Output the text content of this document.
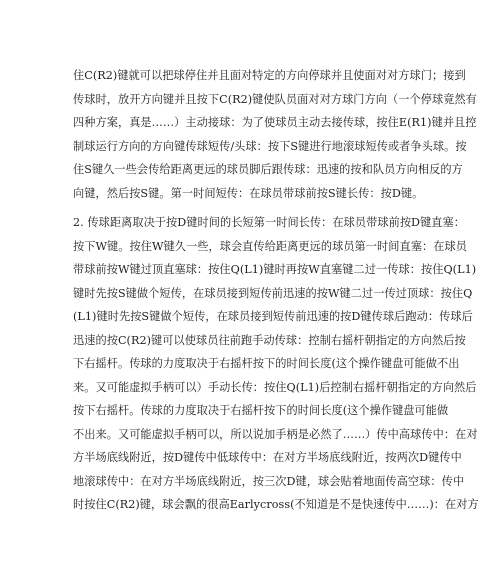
住C(R2)键就可以把球停住并且面对特定的方向停球并且使面对对方球门；接到
传球时，放开方向键并且按下C(R2)键使队员面对对方球门方向（一个停球竟然有
四种方案，真是……）主动接球：为了使球员主动去接传球，按住E(R1)键并且控
制球运行方向的方向键传球短传/头球：按下S键进行地滚球短传或者争头球。按
住S键久一些会传给距离更远的球员脚后跟传球：迅速的按和队员方向相反的方
向键，然后按S键。第一时间短传：在球员带球前按S键长传：按D键。
2. 传球距离取决于按D键时间的长短第一时间长传：在球员带球前按D键直塞：
按下W键。按住W键久一些，球会直传给距离更远的球员第一时间直塞：在球员
带球前按W键过顶直塞球：按住Q(L1)键时再按W直塞键二过一传球：按住Q(L1)
键时先按S键做个短传，在球员接到短传前迅速的按W键二过一传过顶球：按住Q
(L1)键时先按S键做个短传，在球员接到短传前迅速的按D键传球后跑动：传球后
迅速的按C(R2)键可以使球员往前跑手动传球：控制右摇杆朝指定的方向然后按
下右摇杆。传球的力度取决于右摇杆按下的时间长度(这个操作键盘可能做不出
来。又可能虚拟手柄可以）手动长传：按住Q(L1)后控制右摇杆朝指定的方向然后
按下右摇杆。传球的力度取决于右摇杆按下的时间长度(这个操作键盘可能做
不出来。又可能虚拟手柄可以，所以说加手柄是必然了……）传中高球传中：在对
方半场底线附近，按D键传中低球传中：在对方半场底线附近，按两次D键传中
地滚球传中：在对方半场底线附近，按三次D键，球会贴着地面传高空球：传中
时按住C(R2)键，球会飘的很高Earlycross(不知道是不是快速传中……)：在对方
